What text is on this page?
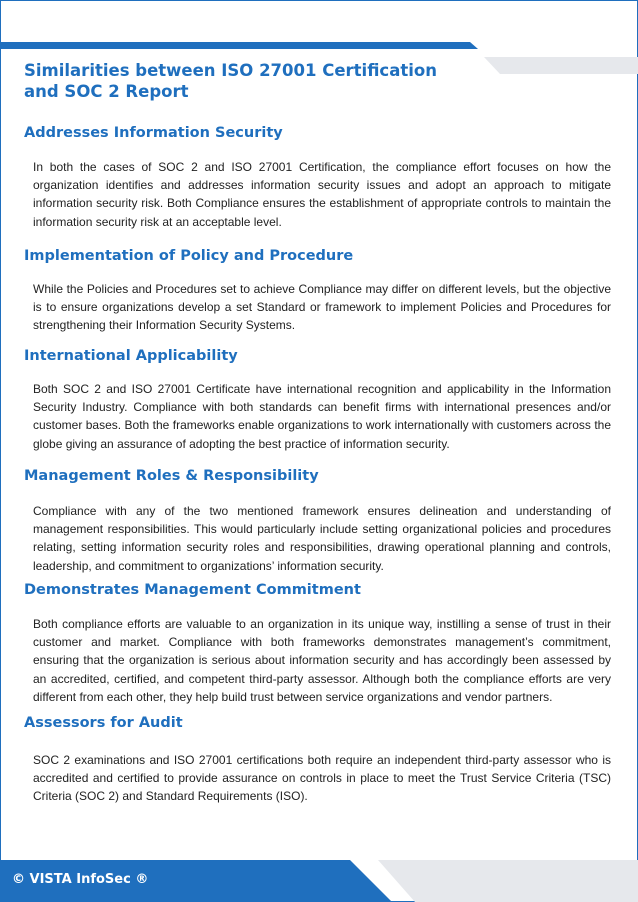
Similarities between ISO 27001 Certification and SOC 2 Report
Addresses Information Security

In both the cases of SOC 2 and ISO 27001 Certification, the compliance effort focuses on how the organization identifies and addresses information security issues and adopt an approach to mitigate information security risk. Both Compliance ensures the establishment of appropriate controls to maintain the information security risk at an acceptable level.

Implementation of Policy and Procedure

While the Policies and Procedures set to achieve Compliance may differ on different levels, but the objective is to ensure organizations develop a set Standard or framework to implement Policies and Procedures for strengthening their Information Security Systems.

International Applicability

Both SOC 2 and ISO 27001 Certificate have international recognition and applicability in the Information Security Industry. Compliance with both standards can benefit firms with international presences and/or customer bases. Both the frameworks enable organizations to work internationally with customers across the globe giving an assurance of adopting the best practice of information security.

Management Roles & Responsibility

Compliance with any of the two mentioned framework ensures delineation and understanding of management responsibilities. This would particularly include setting organizational policies and procedures relating, setting information security roles and responsibilities, drawing operational planning and controls, leadership, and commitment to organizations’ information security.

Demonstrates Management Commitment

Both compliance efforts are valuable to an organization in its unique way, instilling a sense of trust in their customer and market. Compliance with both frameworks demonstrates management’s commitment, ensuring that the organization is serious about information security and has accordingly been assessed by an accredited, certified, and competent third-party assessor. Although both the compliance efforts are very different from each other, they help build trust between service organizations and vendor partners.

Assessors for Audit

SOC 2 examinations and ISO 27001 certifications both require an independent third-party assessor who is accredited and certified to provide assurance on controls in place to meet the Trust Service Criteria (TSC) Criteria (SOC 2) and Standard Requirements (ISO).

© VISTA InfoSec ®
